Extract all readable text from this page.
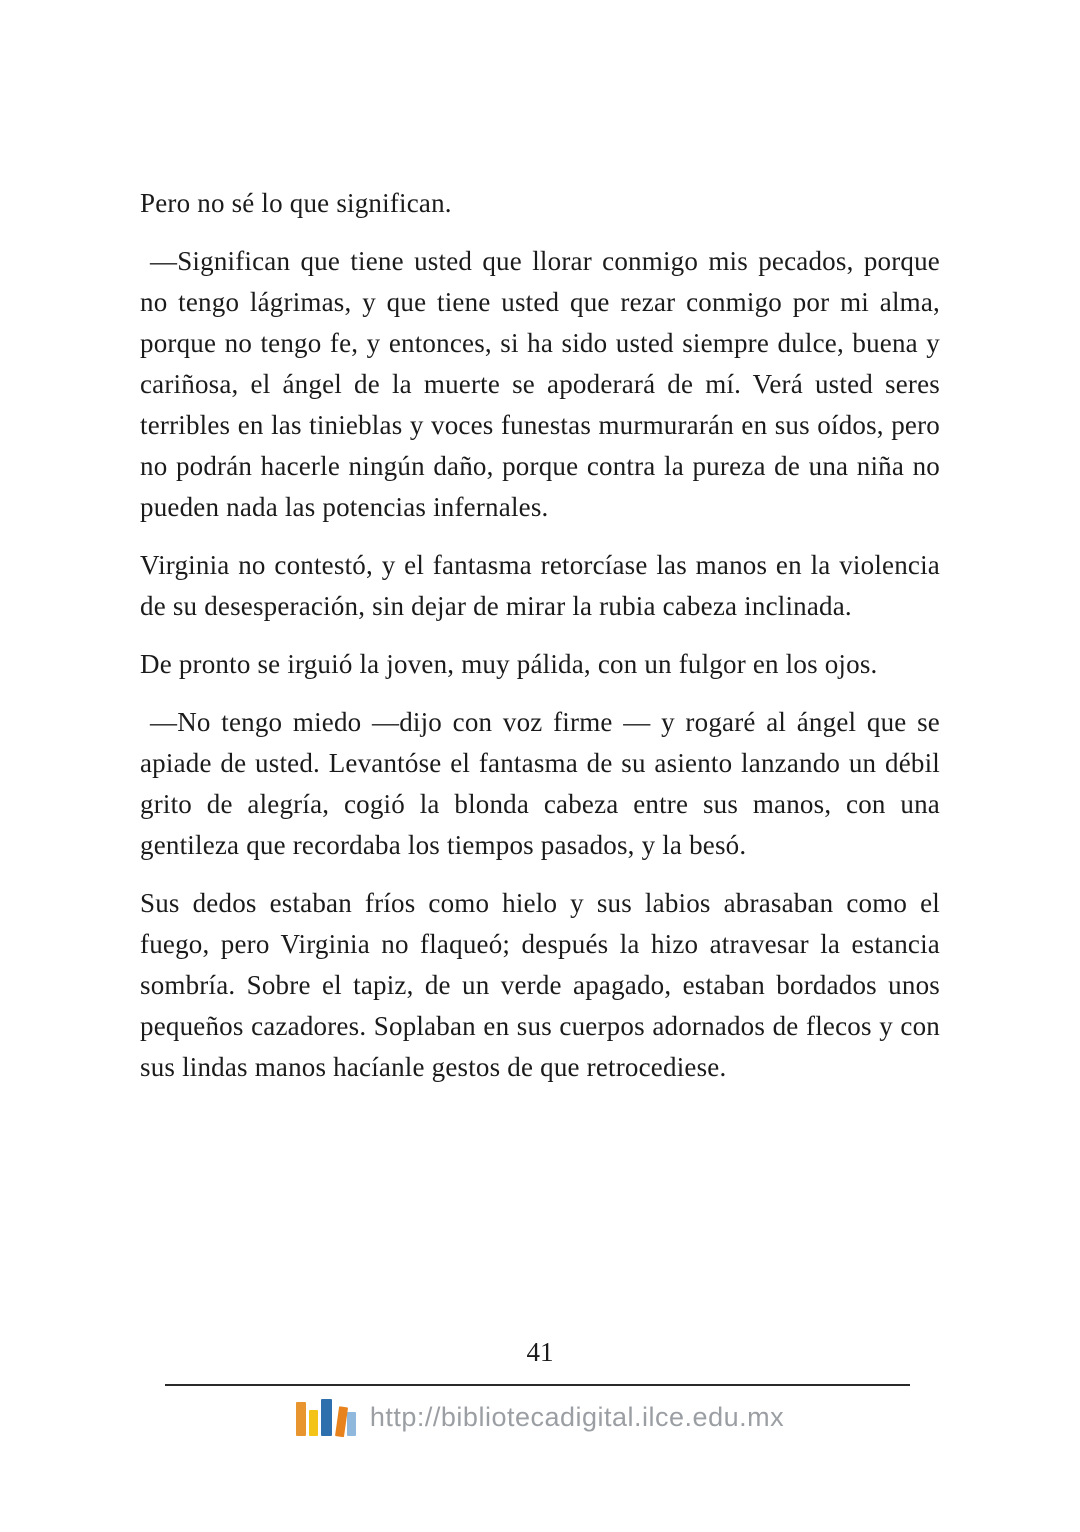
Pero no sé lo que significan.

—Significan que tiene usted que llorar conmigo mis pecados, porque no tengo lágrimas, y que tiene usted que rezar conmigo por mi alma, porque no tengo fe, y entonces, si ha sido usted siempre dulce, buena y cariñosa, el ángel de la muerte se apoderará de mí. Verá usted seres terribles en las tinieblas y voces funestas murmurarán en sus oídos, pero no podrán hacerle ningún daño, porque contra la pureza de una niña no pueden nada las potencias infernales.

Virginia no contestó, y el fantasma retorcíase las manos en la violencia de su desesperación, sin dejar de mirar la rubia cabeza inclinada.

De pronto se irguió la joven, muy pálida, con un fulgor en los ojos.

—No tengo miedo —dijo con voz firme — y rogaré al ángel que se apiade de usted. Levantóse el fantasma de su asiento lanzando un débil grito de alegría, cogió la blonda cabeza entre sus manos, con una gentileza que recordaba los tiempos pasados, y la besó.

Sus dedos estaban fríos como hielo y sus labios abrasaban como el fuego, pero Virginia no flaqueó; después la hizo atravesar la estancia sombría. Sobre el tapiz, de un verde apagado, estaban bordados unos pequeños cazadores. Soplaban en sus cuerpos adornados de flecos y con sus lindas manos hacíanle gestos de que retrocediese.

41
http://bibliotecadigital.ilce.edu.mx
